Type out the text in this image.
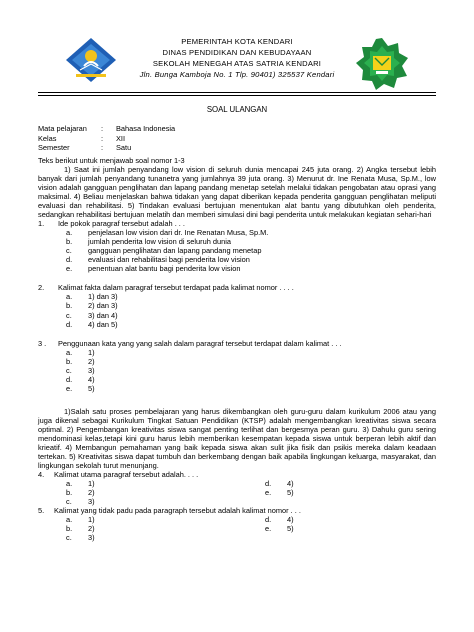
PEMERINTAH KOTA KENDARI
DINAS PENDIDIKAN DAN KEBUDAYAAN
SEKOLAH MENEGAH ATAS SATRIA KENDARI
Jln. Bunga Kamboja No. 1 Tlp. 90401) 325537 Kendari
SOAL ULANGAN
Mata pelajaran	:	Bahasa Indonesia
Kelas	:	XII
Semester	:	Satu

Teks berikut untuk menjawab soal nomor 1-3

1) Saat ini jumlah penyandang low vision di seluruh dunia mencapai 245 juta orang. 2) Angka tersebut lebih banyak dari jumlah penyandang tunanetra yang jumlahnya 39 juta orang. 3) Menurut dr. Ine Renata Musa, Sp.M., low vision adalah gangguan penglihatan dan lapang pandang menetap setelah melalui tidakan pengobatan atau oprasi yang maksimal. 4) Beliau menjelaskan bahwa tidakan yang dapat diberikan kepada penderita gangguan penglihatan meliputi evaluasi dan rehabilitasi. 5) Tindakan evaluasi bertujuan menentukan alat bantu yang dibutuhkan oleh penderita, sedangkan rehabilitasi bertujuan melatih dan memberi simulasi dini bagi penderita untuk melakukan kegiatan sehari-hari

1.	Ide pokok paragraf tersebut adalah . . .
a.	penjelasan low vision dari dr. Ine Renatan Musa, Sp.M.
b.	jumlah penderita low vision di seluruh dunia
c.	gangguan penglihatan dan lapang pandang menetap
d.	evaluasi dan rehabilitasi bagi penderita low vision
e.	penentuan alat bantu bagi penderita low vision
2.	Kalimat fakta dalam paragraf tersebut terdapat pada kalimat nomor . . . .
a.	1) dan 3)
b.	2) dan 3)
c.	3) dan 4)
d.	4) dan 5)
3 .	Penggunaan kata yang yang salah dalam paragraf tersebut terdapat dalam kalimat . . .
a.	1)
b.	2)
c.	3)
d.	4)
e.	5)

1)Salah satu proses pembelajaran yang harus dikembangkan oleh guru-guru dalam kurikulum 2006 atau yang juga dikenal sebagai Kurikulum Tingkat Satuan Pendidikan (KTSP) adalah mengembangkan kreativitas siswa secara optimal. 2) Pengembangan kreativitas siswa sangat penting terlihat dan bergesmya peran guru. 3) Dahulu guru sering mendominasi kelas,tetapi kini guru harus lebih memberikan kesempatan kepada siswa untuk berperan lebih aktif dan krieatif. 4) Membangun pemahaman yang baik kepada siswa akan sulit jika fisik dan psikis mereka dalam keadaan tertekan. 5) Kreativitas siswa dapat tumbuh dan berkembang dengan baik apabila lingkungan keluarga, masyarakat, dan lingkungan sekolah turut menunjang.

4.	Kalimat utama paragraf tersebut adalah. . . .
a.	1)	d.	4)
b.	2)	e.	5)
c.	3)
5.	Kalimat yang tidak padu pada paragraph tersebut adalah kalimat nomor . . .
a.	1)	d.	4)
b.	2)	e.	5)
c.	3)
